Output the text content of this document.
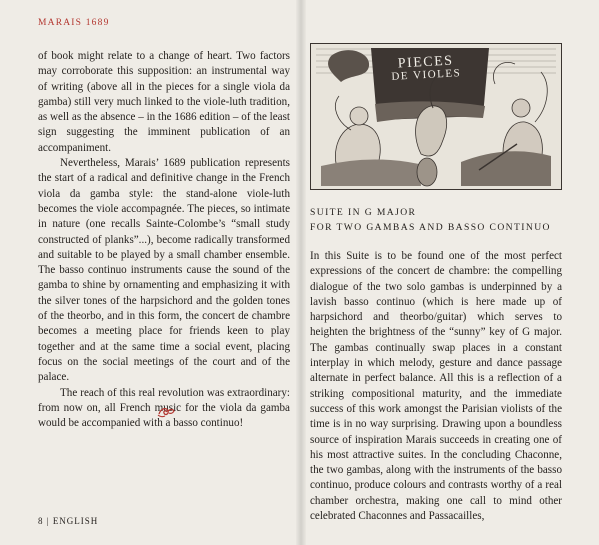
MARAIS 1689

of book might relate to a change of heart. Two factors may corroborate this supposition: an instrumental way of writing (above all in the pieces for a single viola da gamba) still very much linked to the viole-luth tradition, as well as the absence – in the 1686 edition – of the least sign suggesting the imminent publication of an accompaniment.

Nevertheless, Marais’ 1689 publication represents the start of a radical and definitive change in the French viola da gamba style: the stand-alone viole-luth becomes the viole accompagnée. The pieces, so intimate in nature (one recalls Sainte-Colombe’s “small study constructed of planks”...), become radically transformed and suitable to be played by a small chamber ensemble. The basso continuo instruments cause the sound of the gamba to shine by ornamenting and emphasizing it with the silver tones of the harpsichord and the golden tones of the theorbo, and in this form, the concert de chambre becomes a meeting place for friends keen to play together and at the same time a social event, placing focus on the social meetings of the court and of the palace.

The reach of this real revolution was extraordinary: from now on, all French music for the viola da gamba would be accompanied with a basso continuo!

PIECES
DE VIOLES
SUITE IN G MAJOR
FOR TWO GAMBAS AND BASSO CONTINUO

In this Suite is to be found one of the most perfect expressions of the concert de chambre: the compelling dialogue of the two solo gambas is underpinned by a lavish basso continuo (which is here made up of harpsichord and theorbo/guitar) which serves to heighten the brightness of the “sunny” key of G major. The gambas continually swap places in a constant interplay in which melody, gesture and dance passage alternate in perfect balance. All this is a reflection of a striking compositional maturity, and the immediate success of this work amongst the Parisian violists of the time is in no way surprising. Drawing upon a boundless source of inspiration Marais succeeds in creating one of his most attractive suites. In the concluding Chaconne, the two gambas, along with the instruments of the basso continuo, produce colours and contrasts worthy of a real chamber orchestra, making one call to mind other celebrated Chaconnes and Passacailles,

8 | ENGLISH
